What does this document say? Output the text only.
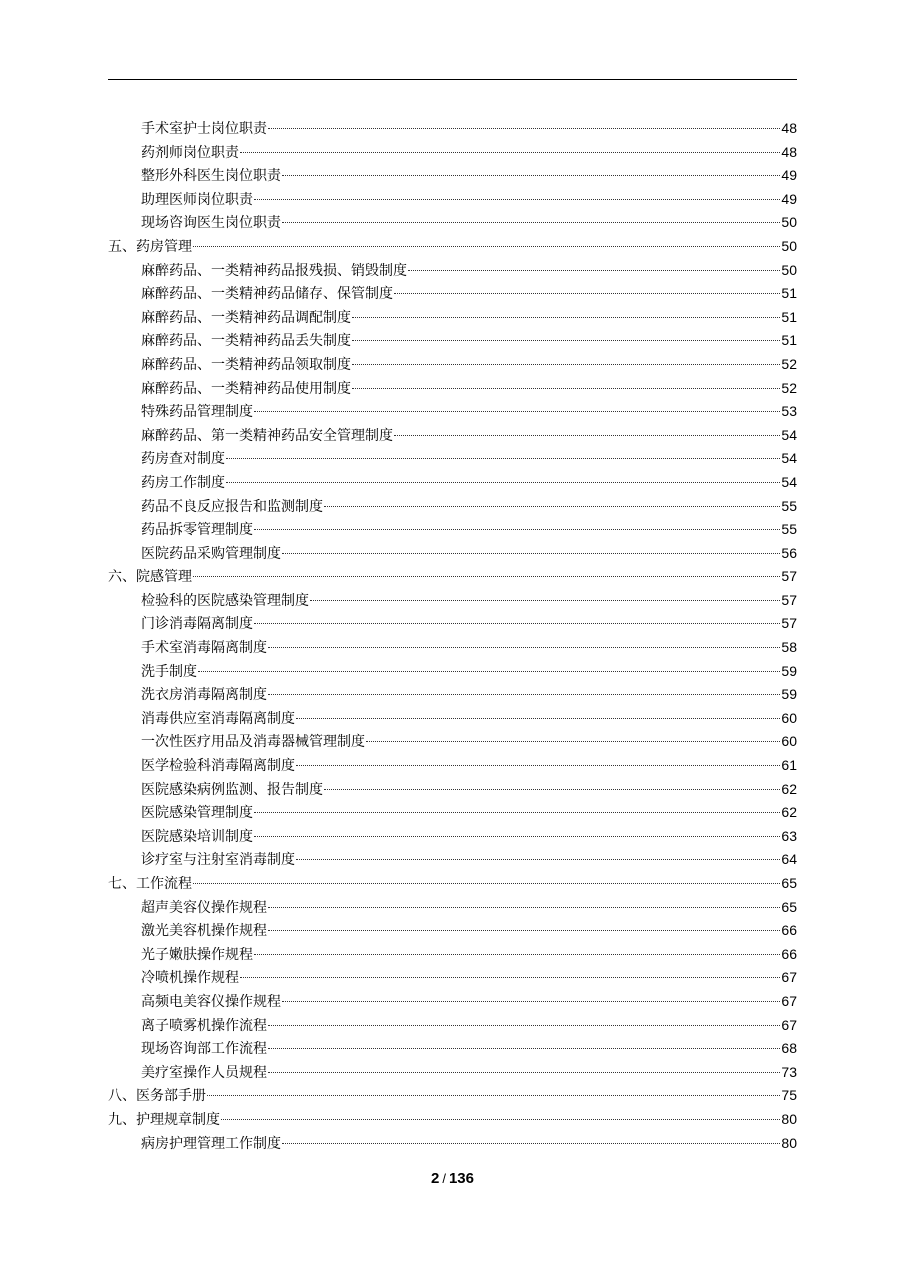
手术室护士岗位职责	48
药剂师岗位职责	48
整形外科医生岗位职责	49
助理医师岗位职责	49
现场咨询医生岗位职责	50
五、药房管理	50
麻醉药品、一类精神药品报残损、销毁制度	50
麻醉药品、一类精神药品储存、保管制度	51
麻醉药品、一类精神药品调配制度	51
麻醉药品、一类精神药品丢失制度	51
麻醉药品、一类精神药品领取制度	52
麻醉药品、一类精神药品使用制度	52
特殊药品管理制度	53
麻醉药品、第一类精神药品安全管理制度	54
药房查对制度	54
药房工作制度	54
药品不良反应报告和监测制度	55
药品拆零管理制度	55
医院药品采购管理制度	56
六、院感管理	57
检验科的医院感染管理制度	57
门诊消毒隔离制度	57
手术室消毒隔离制度	58
洗手制度	59
洗衣房消毒隔离制度	59
消毒供应室消毒隔离制度	60
一次性医疗用品及消毒器械管理制度	60
医学检验科消毒隔离制度	61
医院感染病例监测、报告制度	62
医院感染管理制度	62
医院感染培训制度	63
诊疗室与注射室消毒制度	64
七、工作流程	65
超声美容仪操作规程	65
激光美容机操作规程	66
光子嫩肤操作规程	66
冷喷机操作规程	67
高频电美容仪操作规程	67
离子喷雾机操作流程	67
现场咨询部工作流程	68
美疗室操作人员规程	73
八、医务部手册	75
九、护理规章制度	80
病房护理管理工作制度	80
2 / 136
